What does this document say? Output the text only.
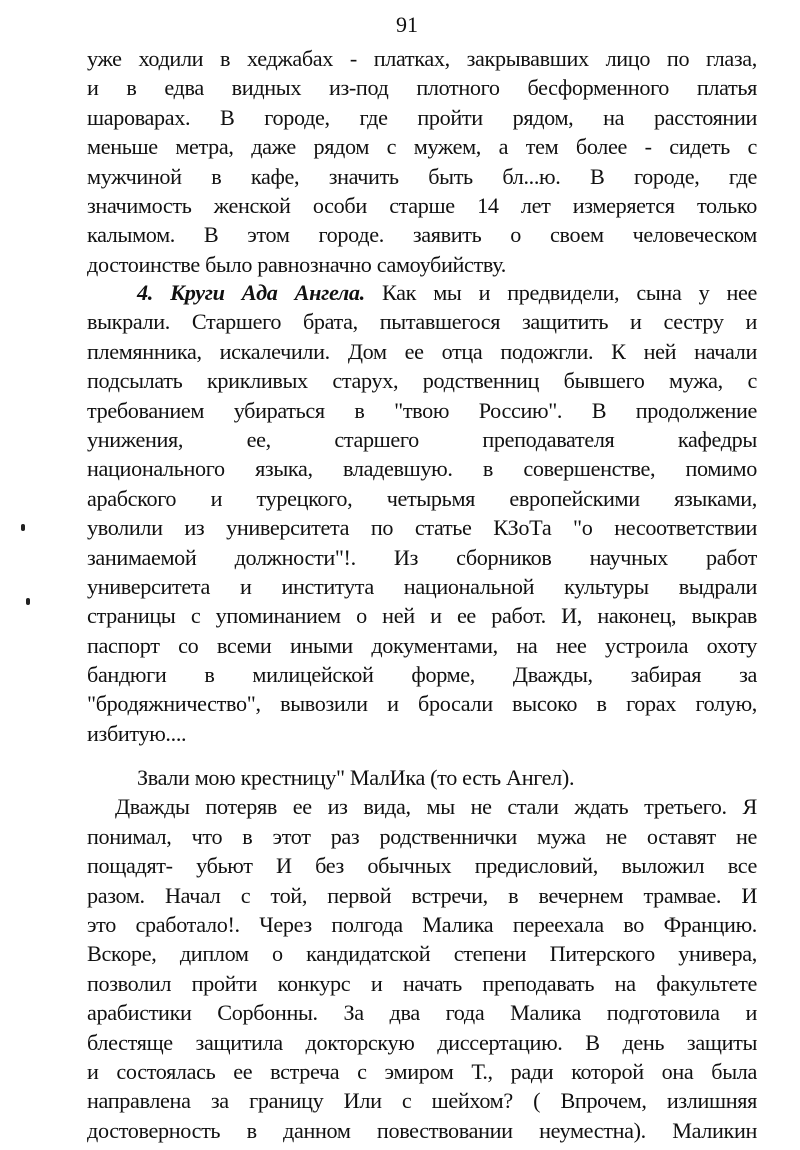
91
уже ходили в хеджабах - платках, закрывавших лицо по глаза,
и в едва видных из-под плотного бесформенного платья
шароварах. В городе, где пройти рядом, на расстоянии
меньше метра, даже рядом с мужем, а тем более - сидеть с
мужчиной в кафе, значить быть бл...ю. В городе, где
значимость женской особи старше 14 лет измеряется только
калымом. В этом городе. заявить о своем человеческом
достоинстве было равнозначно самоубийству.
4. Круги Ада Ангела. Как мы и предвидели, сына у нее
выкрали. Старшего брата, пытавшегося защитить и сестру и
племянника, искалечили. Дом ее отца подожгли. К ней начали
подсылать крикливых старух, родственниц бывшего мужа, с
требованием убираться в "твою Россию". В продолжение
унижения, ее, старшего преподавателя кафедры
национального языка, владевшую. в совершенстве, помимо
арабского и турецкого, четырьмя европейскими языками,
уволили из университета по статье КЗоТа "о несоответствии
занимаемой должности"!. Из сборников научных работ
университета и института национальной культуры выдрали
страницы с упоминанием о ней и ее работ. И, наконец, выкрав
паспорт со всеми иными документами, на нее устроила охоту
бандюги в милицейской форме, Дважды, забирая за
"бродяжничество", вывозили и бросали высоко в горах голую,
избитую....
Звали мою крестницу" МалИка (то есть Ангел).
Дважды потеряв ее из вида, мы не стали ждать третьего. Я
понимал, что в этот раз родственнички мужа не оставят не
пощадят- убьют И без обычных предисловий, выложил все
разом. Начал с той, первой встречи, в вечернем трамвае. И
это сработало!. Через полгода Малика переехала во Францию.
Вскоре, диплом о кандидатской степени Питерского универа,
позволил пройти конкурс и начать преподавать на факультете
арабистики Сорбонны. За два года Малика подготовила и
блестяще защитила докторскую диссертацию. В день защиты
и состоялась ее встреча с эмиром Т., ради которой она была
направлена за границу Или с шейхом? ( Впрочем, излишняя
достоверность в данном повествовании неуместна). Маликин
